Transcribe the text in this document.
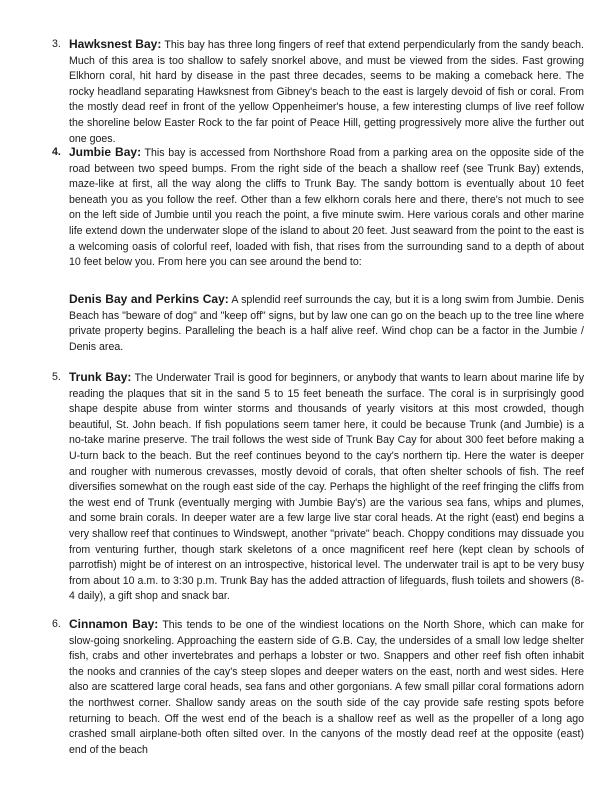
3. Hawksnest Bay: This bay has three long fingers of reef that extend perpendicularly from the sandy beach. Much of this area is too shallow to safely snorkel above, and must be viewed from the sides. Fast growing Elkhorn coral, hit hard by disease in the past three decades, seems to be making a comeback here. The rocky headland separating Hawksnest from Gibney's beach to the east is largely devoid of fish or coral. From the mostly dead reef in front of the yellow Oppenheimer's house, a few interesting clumps of live reef follow the shoreline below Easter Rock to the far point of Peace Hill, getting progressively more alive the further out one goes.
4. Jumbie Bay: This bay is accessed from Northshore Road from a parking area on the opposite side of the road between two speed bumps. From the right side of the beach a shallow reef (see Trunk Bay) extends, maze-like at first, all the way along the cliffs to Trunk Bay. The sandy bottom is eventually about 10 feet beneath you as you follow the reef. Other than a few elkhorn corals here and there, there's not much to see on the left side of Jumbie until you reach the point, a five minute swim. Here various corals and other marine life extend down the underwater slope of the island to about 20 feet. Just seaward from the point to the east is a welcoming oasis of colorful reef, loaded with fish, that rises from the surrounding sand to a depth of about 10 feet below you. From here you can see around the bend to:
Denis Bay and Perkins Cay: A splendid reef surrounds the cay, but it is a long swim from Jumbie. Denis Beach has "beware of dog" and "keep off" signs, but by law one can go on the beach up to the tree line where private property begins. Paralleling the beach is a half alive reef. Wind chop can be a factor in the Jumbie / Denis area.
5. Trunk Bay: The Underwater Trail is good for beginners, or anybody that wants to learn about marine life by reading the plaques that sit in the sand 5 to 15 feet beneath the surface. The coral is in surprisingly good shape despite abuse from winter storms and thousands of yearly visitors at this most crowded, though beautiful, St. John beach. If fish populations seem tamer here, it could be because Trunk (and Jumbie) is a no-take marine preserve. The trail follows the west side of Trunk Bay Cay for about 300 feet before making a U-turn back to the beach. But the reef continues beyond to the cay's northern tip. Here the water is deeper and rougher with numerous crevasses, mostly devoid of corals, that often shelter schools of fish. The reef diversifies somewhat on the rough east side of the cay. Perhaps the highlight of the reef fringing the cliffs from the west end of Trunk (eventually merging with Jumbie Bay's) are the various sea fans, whips and plumes, and some brain corals. In deeper water are a few large live star coral heads. At the right (east) end begins a very shallow reef that continues to Windswept, another "private" beach. Choppy conditions may dissuade you from venturing further, though stark skeletons of a once magnificent reef here (kept clean by schools of parrotfish) might be of interest on an introspective, historical level. The underwater trail is apt to be very busy from about 10 a.m. to 3:30 p.m. Trunk Bay has the added attraction of lifeguards, flush toilets and showers (8-4 daily), a gift shop and snack bar.
6. Cinnamon Bay: This tends to be one of the windiest locations on the North Shore, which can make for slow-going snorkeling. Approaching the eastern side of G.B. Cay, the undersides of a small low ledge shelter fish, crabs and other invertebrates and perhaps a lobster or two. Snappers and other reef fish often inhabit the nooks and crannies of the cay's steep slopes and deeper waters on the east, north and west sides. Here also are scattered large coral heads, sea fans and other gorgonians. A few small pillar coral formations adorn the northwest corner. Shallow sandy areas on the south side of the cay provide safe resting spots before returning to beach. Off the west end of the beach is a shallow reef as well as the propeller of a long ago crashed small airplane-both often silted over. In the canyons of the mostly dead reef at the opposite (east) end of the beach
